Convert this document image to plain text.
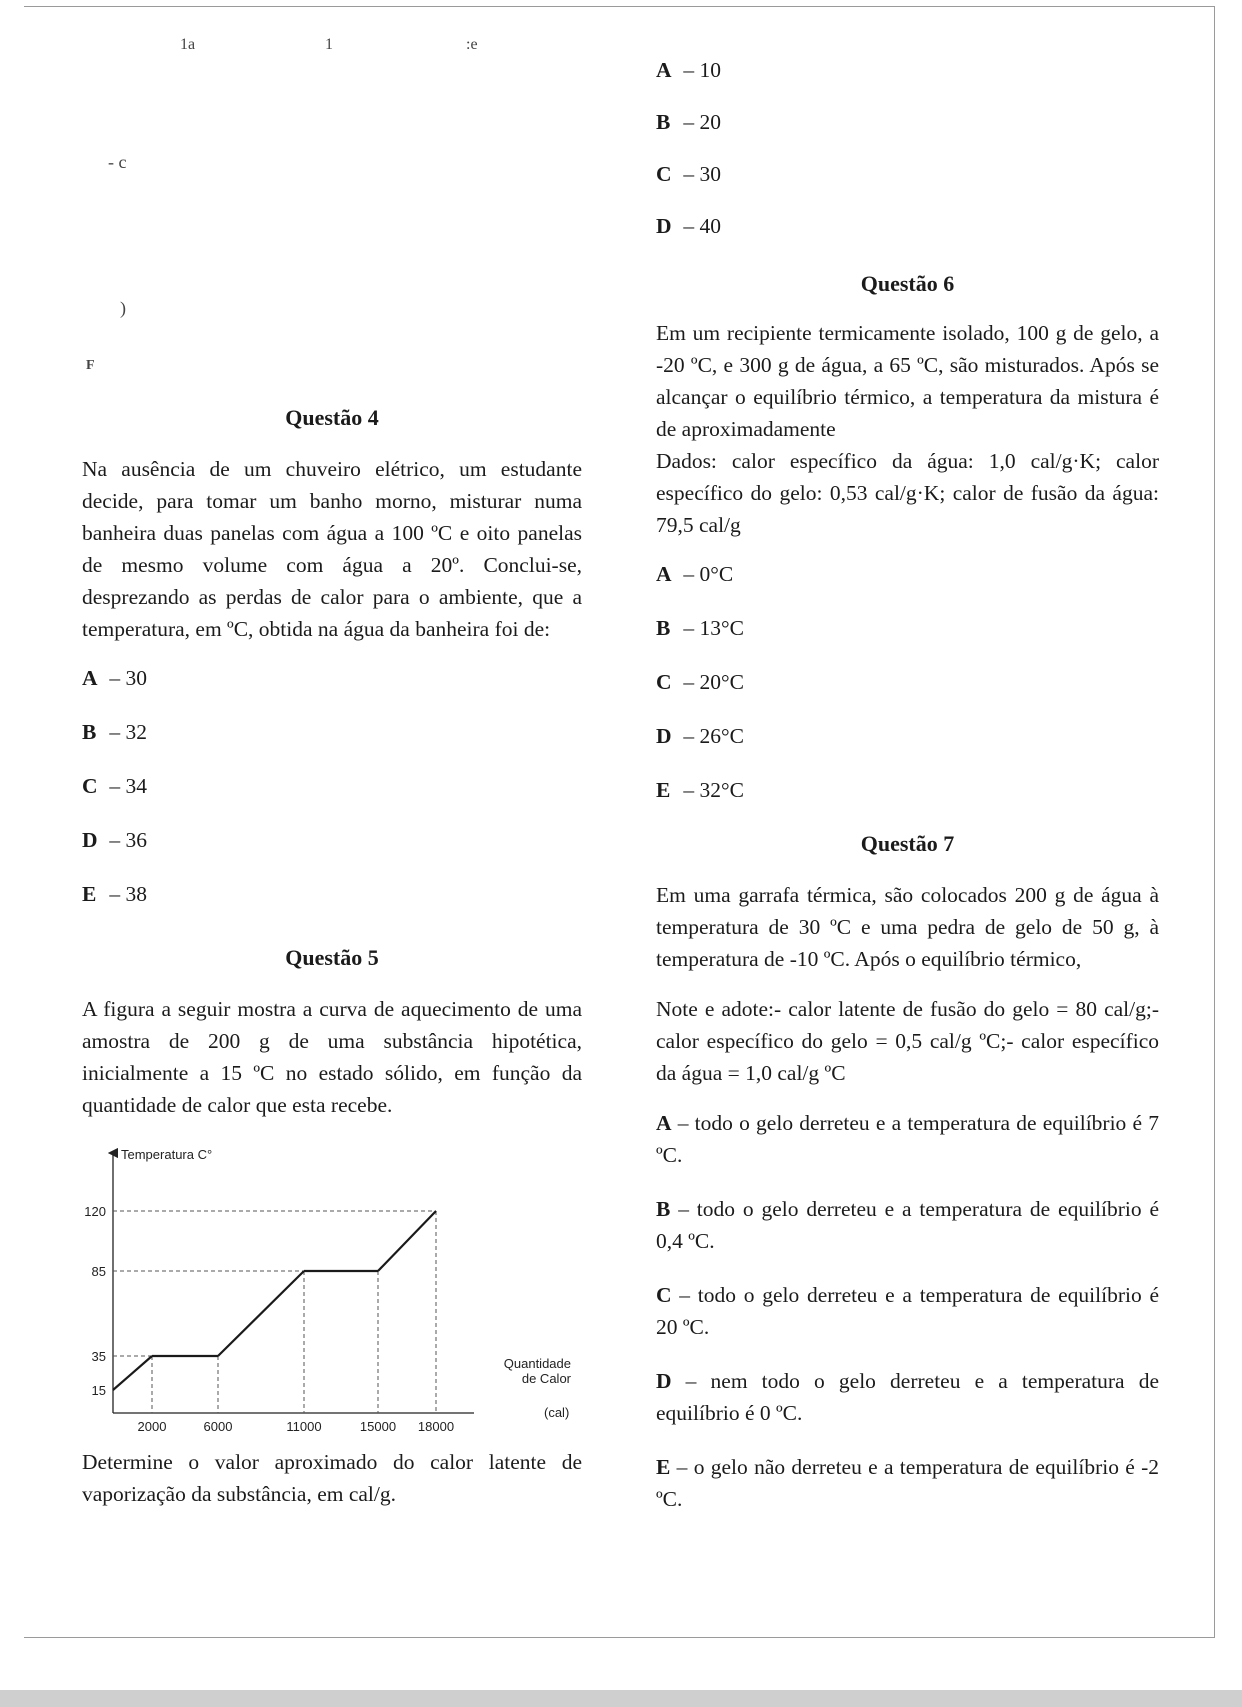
1a	1	:e
- c
F
)

A – 10

B – 20

C – 30

D – 40

Questão 6

Em um recipiente termicamente isolado, 100 g de gelo, a -20 ºC, e 300 g de água, a 65 ºC, são misturados. Após se alcançar o equilíbrio térmico, a temperatura da mistura é de aproximadamente

Dados: calor específico da água: 1,0 cal/g·K; calor específico do gelo: 0,53 cal/g·K; calor de fusão da água: 79,5 cal/g

A – 0°C

B – 13°C

C – 20°C

D – 26°C

E – 32°C

Questão 7

Em uma garrafa térmica, são colocados 200 g de água à temperatura de 30 ºC e uma pedra de gelo de 50 g, à temperatura de -10 ºC. Após o equilíbrio térmico,

Note e adote:- calor latente de fusão do gelo = 80 cal/g;- calor específico do gelo = 0,5 cal/g ºC;- calor específico da água = 1,0 cal/g ºC

A – todo o gelo derreteu e a temperatura de equilíbrio é 7 ºC.

B – todo o gelo derreteu e a temperatura de equilíbrio é 0,4 ºC.

C – todo o gelo derreteu e a temperatura de equilíbrio é 20 ºC.

D – nem todo o gelo derreteu e a temperatura de equilíbrio é 0 ºC.

E – o gelo não derreteu e a temperatura de equilíbrio é -2 ºC.

Questão 4

Na ausência de um chuveiro elétrico, um estudante decide, para tomar um banho morno, misturar numa banheira duas panelas com água a 100 ºC e oito panelas de mesmo volume com água a 20º. Conclui-se, desprezando as perdas de calor para o ambiente, que a temperatura, em ºC, obtida na água da banheira foi de:

A – 30

B – 32

C – 34

D – 36

E – 38

Questão 5

A figura a seguir mostra a curva de aquecimento de uma amostra de 200 g de uma substância hipotética, inicialmente a 15 ºC no estado sólido, em função da quantidade de calor que esta recebe.

15
35
85
120
2000	6000	11000	15000 18000
Temperatura C°
Quantidade
de Calor
(cal)

Determine o valor aproximado do calor latente de vaporização da substância, em cal/g.
